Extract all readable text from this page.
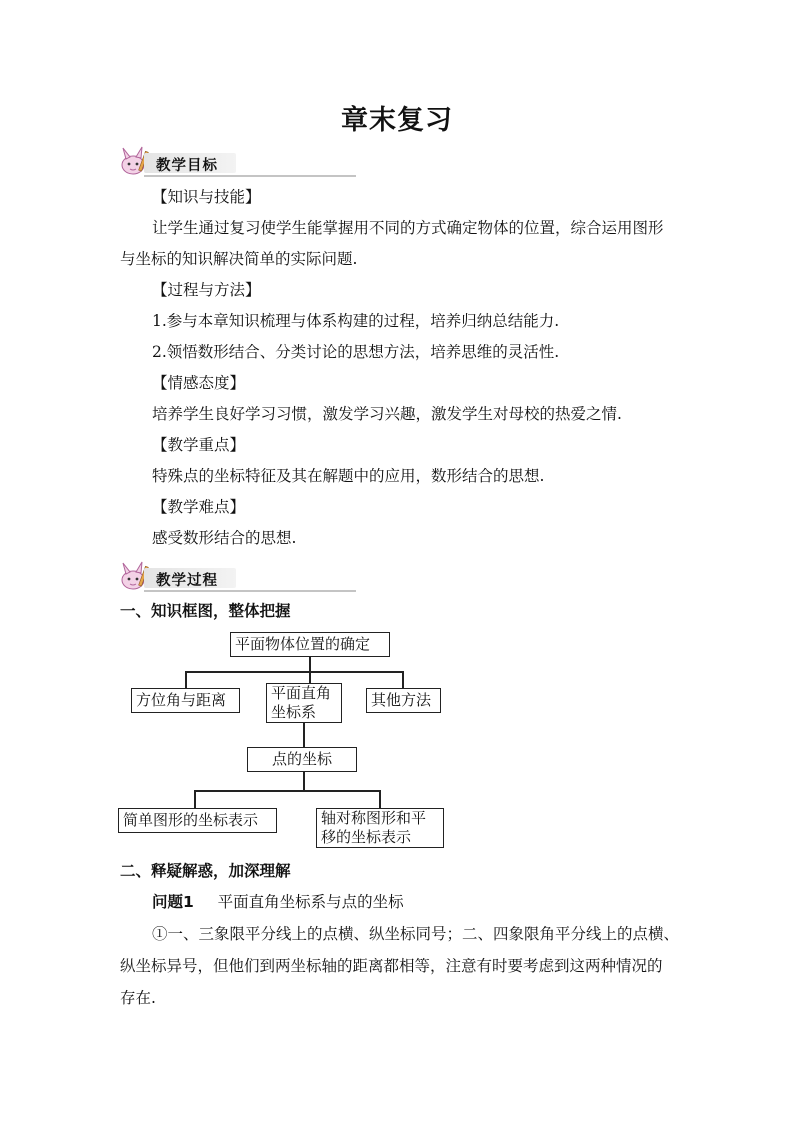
章末复习
教学目标
【知识与技能】
让学生通过复习使学生能掌握用不同的方式确定物体的位置，综合运用图形
与坐标的知识解决简单的实际问题.
【过程与方法】
1.参与本章知识梳理与体系构建的过程，培养归纳总结能力.
2.领悟数形结合、分类讨论的思想方法，培养思维的灵活性.
【情感态度】
培养学生良好学习习惯，激发学习兴趣，激发学生对母校的热爱之情.
【教学重点】
特殊点的坐标特征及其在解题中的应用，数形结合的思想.
【教学难点】
感受数形结合的思想.
教学过程
一、知识框图，整体把握
平面物体位置的确定
方位角与距离	平面直角
坐标系
其他方法
点的坐标
简单图形的坐标表示	轴对称图形和平
移的坐标表示
二、释疑解惑，加深理解
问题1 平面直角坐标系与点的坐标
①一、三象限平分线上的点横、纵坐标同号；二、四象限角平分线上的点横、
纵坐标异号，但他们到两坐标轴的距离都相等，注意有时要考虑到这两种情况的
存在.
